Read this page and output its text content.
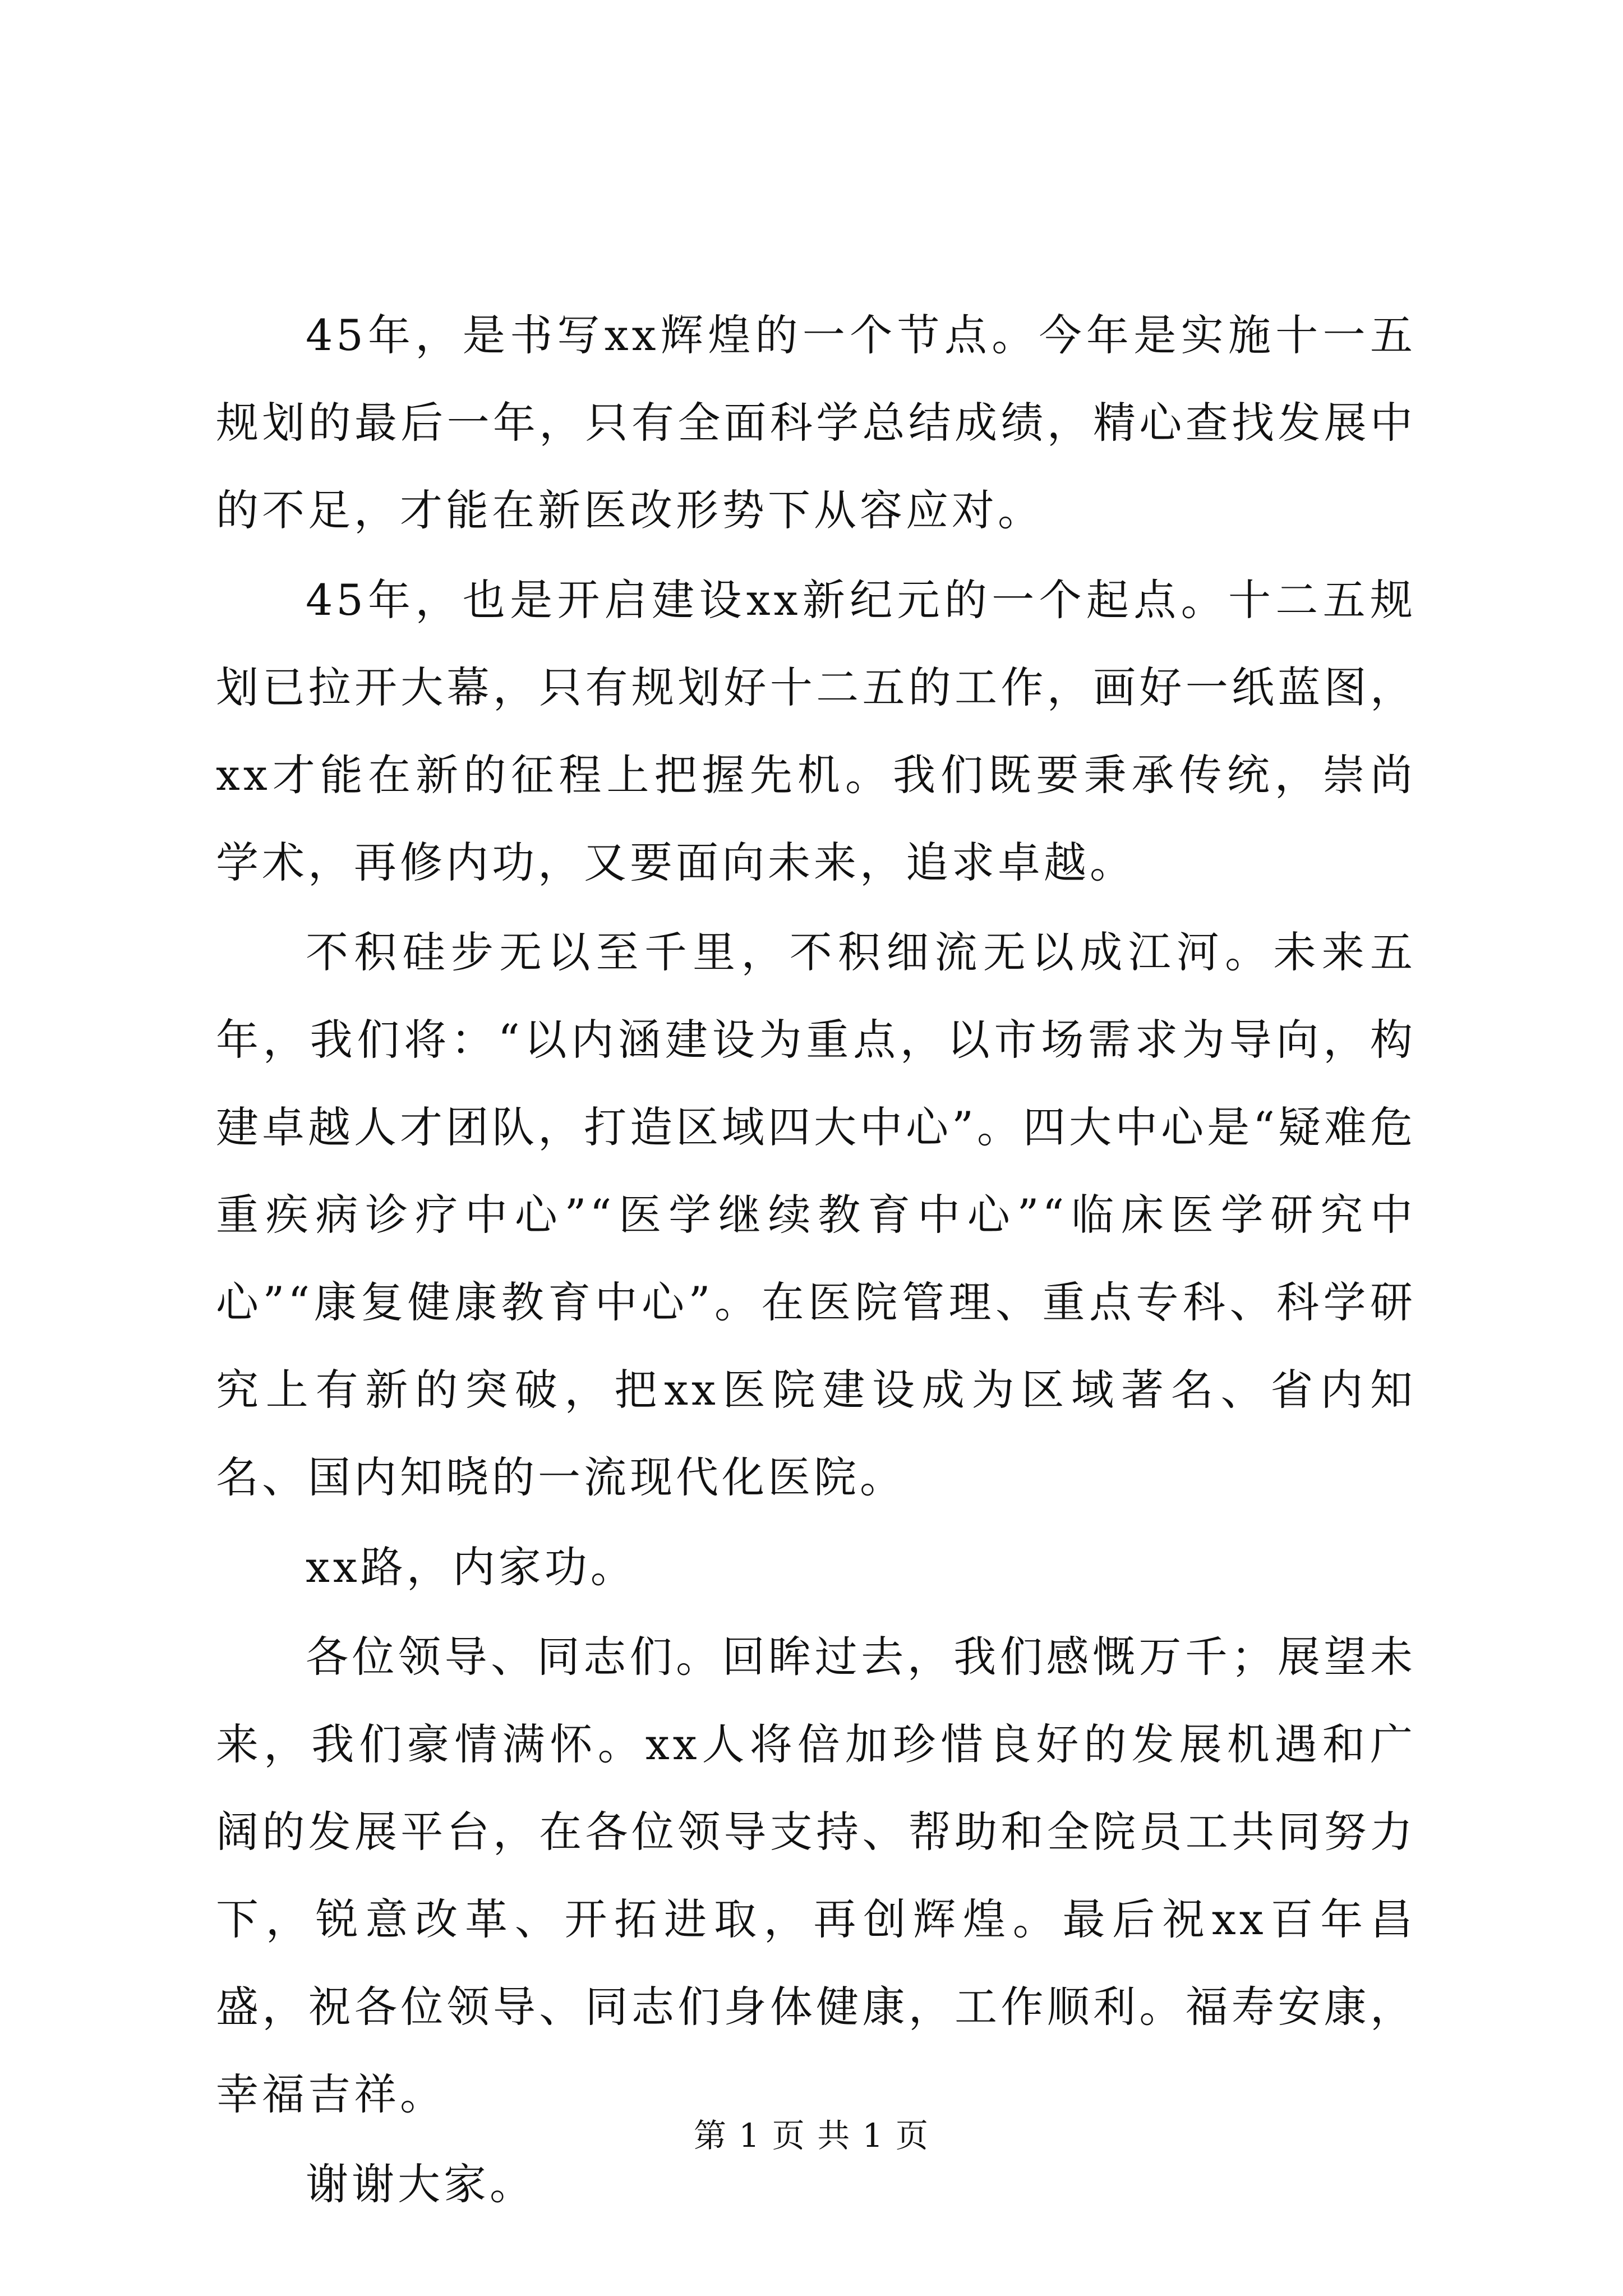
45年，是书写xx辉煌的一个节点。今年是实施十一五规划的最后一年，只有全面科学总结成绩，精心查找发展中的不足，才能在新医改形势下从容应对。

45年，也是开启建设xx新纪元的一个起点。十二五规划已拉开大幕，只有规划好十二五的工作，画好一纸蓝图，xx才能在新的征程上把握先机。我们既要秉承传统，崇尚学术，再修内功，又要面向未来，追求卓越。

不积硅步无以至千里，不积细流无以成江河。未来五年，我们将：“以内涵建设为重点，以市场需求为导向，构建卓越人才团队，打造区域四大中心”。四大中心是“疑难危重疾病诊疗中心”“医学继续教育中心”“临床医学研究中心”“康复健康教育中心”。在医院管理、重点专科、科学研究上有新的突破，把xx医院建设成为区域著名、省内知名、国内知晓的一流现代化医院。

xx路，内家功。

各位领导、同志们。回眸过去，我们感慨万千；展望未来，我们豪情满怀。xx人将倍加珍惜良好的发展机遇和广阔的发展平台，在各位领导支持、帮助和全院员工共同努力下，锐意改革、开拓进取，再创辉煌。最后祝xx百年昌盛，祝各位领导、同志们身体健康，工作顺利。福寿安康，幸福吉祥。

谢谢大家。

第 1 页 共 1 页
